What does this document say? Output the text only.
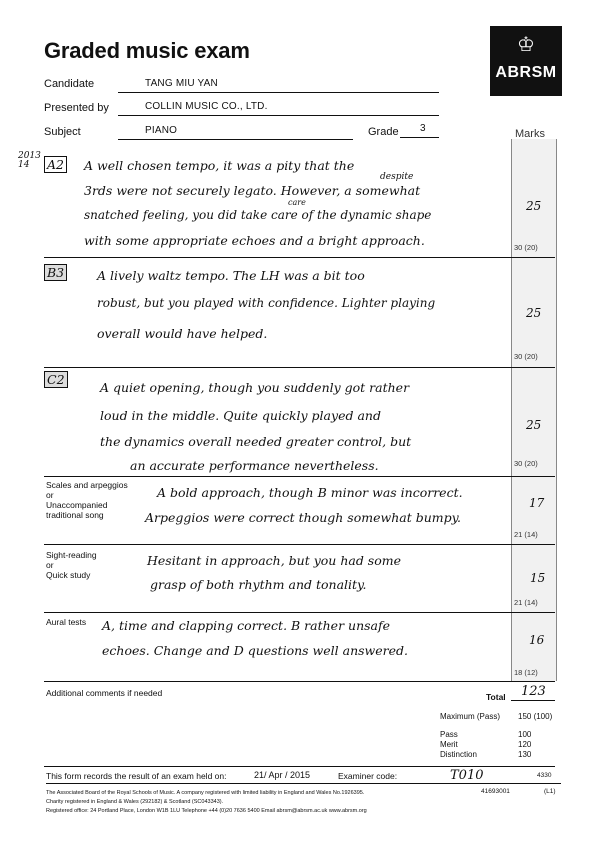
Graded music exam	♔
ABRSM
Candidate	TANG MIU YAN
Presented by	COLLIN MUSIC CO., LTD.
Subject	PIANO	Grade 3	Marks
2013
14	A2 A well chosen tempo, it was a pity that the
despite
3rds were not securely legato. However, a somewhat
care
snatched feeling, you did take care of the dynamic shape
with some appropriate echoes and a bright approach.
25
30 (20)
B3	A lively waltz tempo. The LH was a bit too
robust, but you played with confidence. Lighter playing
overall would have helped.
25
30 (20)
C2
A quiet opening, though you suddenly got rather
loud in the middle. Quite quickly played and
the dynamics overall needed greater control, but
an accurate performance nevertheless.
25
30 (20)
Scales and arpeggios
or
Unaccompanied
traditional song
A bold approach, though B minor was incorrect.
Arpeggios were correct though somewhat bumpy.
17
21 (14)
Sight-reading
or
Quick study
Hesitant in approach, but you had some
grasp of both rhythm and tonality.	15
21 (14)
Aural tests A, time and clapping correct. B rather unsafe
echoes. Change and D questions well answered.
16
18 (12)
Additional comments if needed	Total 123
Maximum (Pass) 150 (100)
Pass	100
Merit	120
Distinction	130
This form records the result of an exam held on:	21/ Apr / 2015	Examiner code:	T010	4330
41693001	(L1)
The Associated Board of the Royal Schools of Music. A company registered with limited liability in England and Wales No.1926395.
Charity registered in England & Wales (292182) & Scotland (SC043343).
Registered office: 24 Portland Place, London W1B 1LU Telephone +44 (0)20 7636 5400 Email abrsm@abrsm.ac.uk www.abrsm.org
